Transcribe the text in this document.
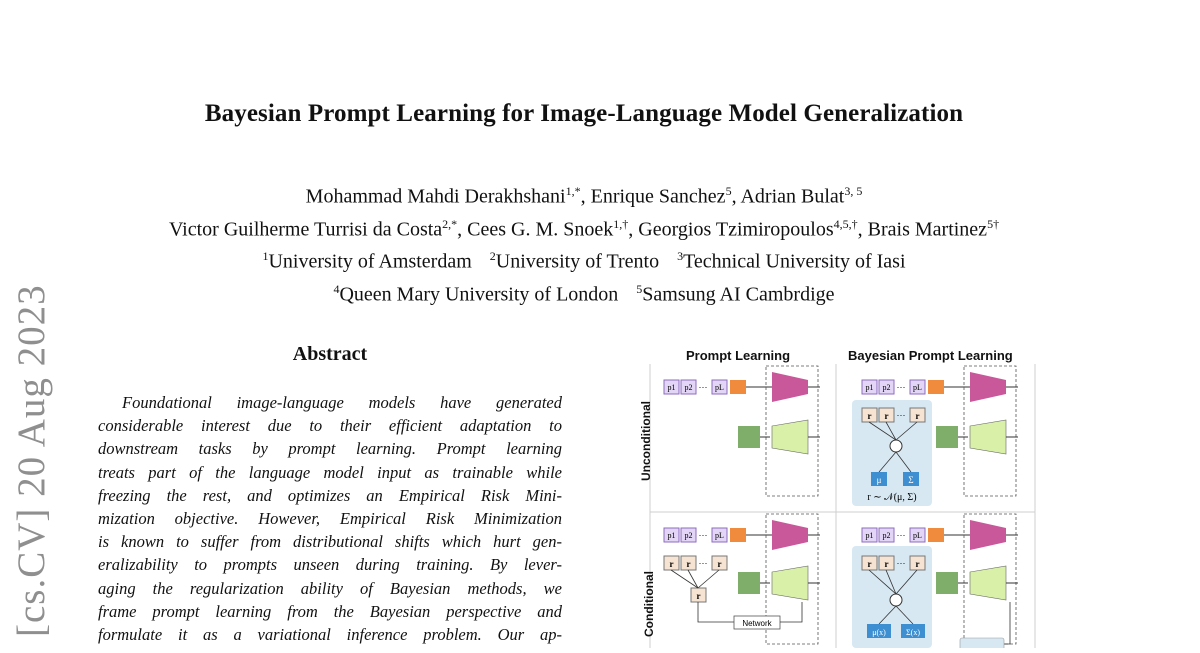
Bayesian Prompt Learning for Image-Language Model Generalization
Mohammad Mahdi Derakhshani$^{1,*}$, Enrique Sanchez$^5$, Adrian Bulat$^{3, 5}$
Victor Guilherme Turrisi da Costa$^{2,*}$, Cees G. M. Snoek$^{1,\dagger}$, Georgios Tzimiropoulos$^{4,5,\dagger}$, Brais Martinez$^{5\dagger}$
$^1$University of Amsterdam $^2$University of Trento $^3$Technical University of Iasi
$^4$Queen Mary University of London $^5$Samsung AI Cambrdige
[cs.CV] 20 Aug 2023	Abstract
Foundational image-language models have generated
considerable interest due to their efficient adaptation to
downstream tasks by prompt learning. Prompt learning
treats part of the language model input as trainable while
freezing the rest, and optimizes an Empirical Risk Mini-
mization objective. However, Empirical Risk Minimization
is known to suffer from distributional shifts which hurt gen-
eralizability to prompts unseen during training. By lever-
aging the regularization ability of Bayesian methods, we
frame prompt learning from the Bayesian perspective and
formulate it as a variational inference problem. Our ap-
p1 p2 ··· pL	p1 p2 ··· pL
r r	r
···
μ	Σ
r ∼ 𝒩(μ, Σ)
p1 p2 ··· pL
r r	r
···
r
Network
p1 p2 ··· pL
r r	r
···
μ(x)	Σ(x)
Prompt Learning	Bayesian Prompt Learning
Unconditional
Conditional
